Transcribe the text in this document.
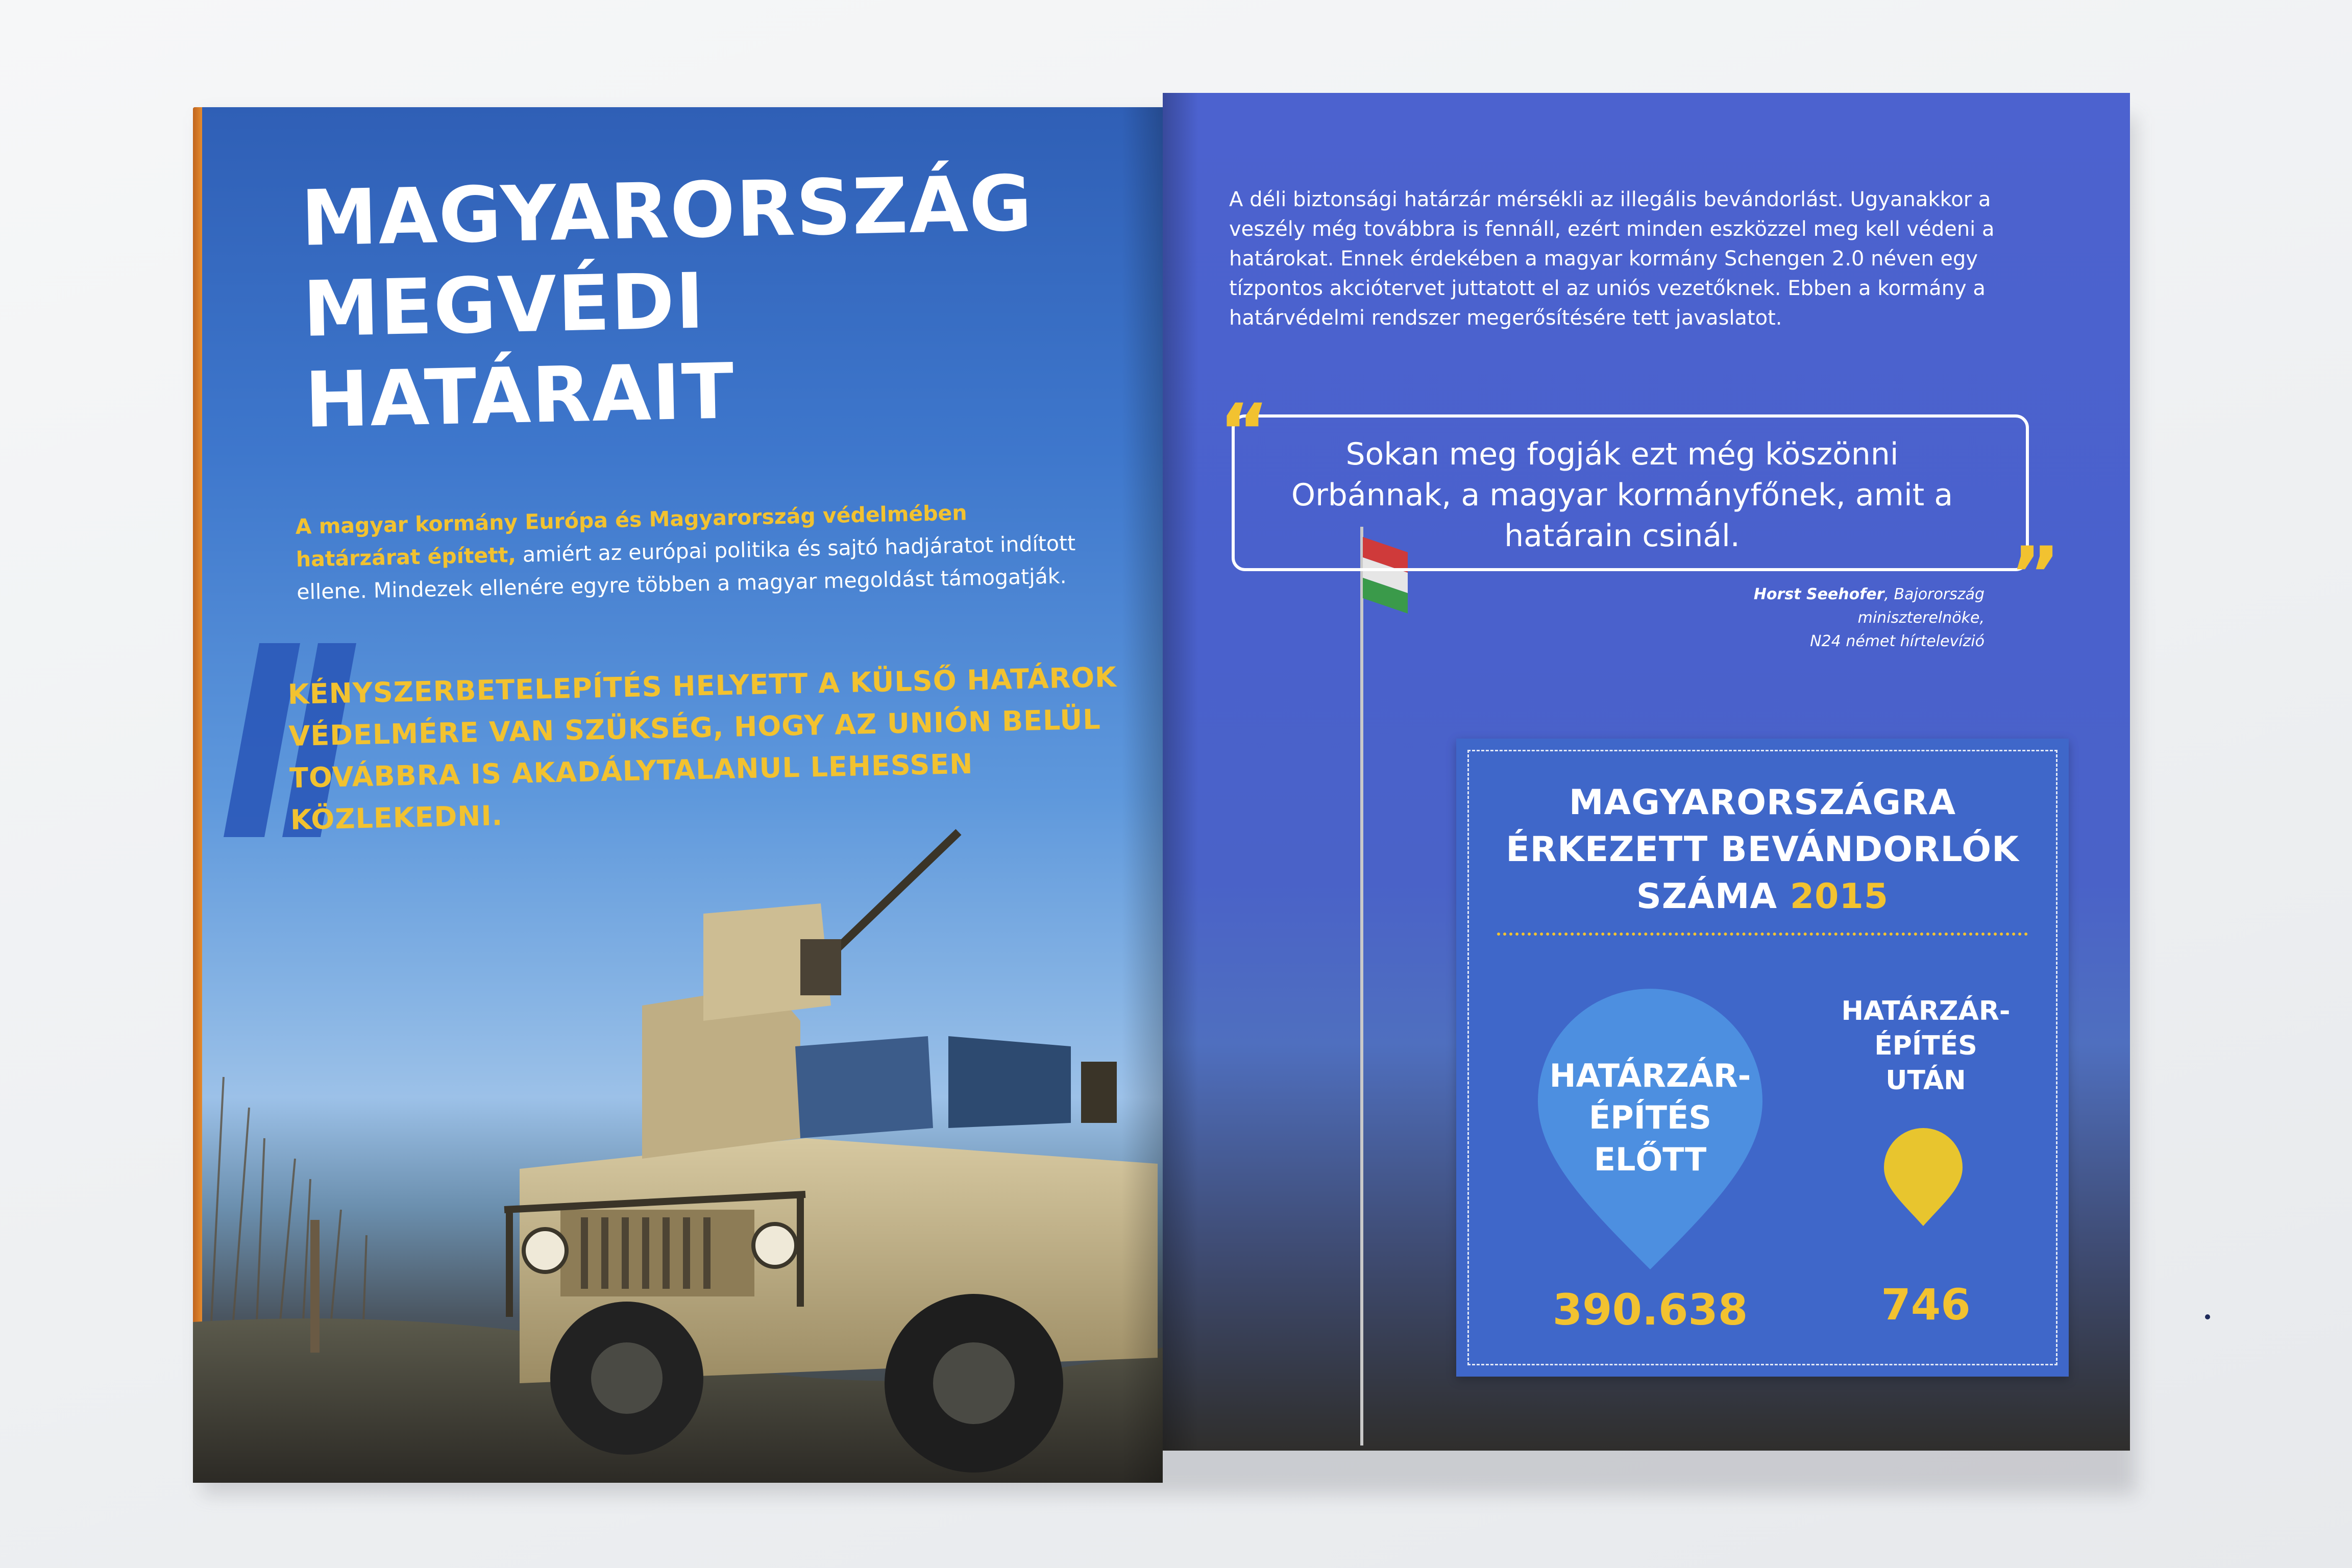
MAGYARORSZÁG
MEGVÉDI HATÁRAIT
A magyar kormány Európa és Magyarország védelmében határzárat épített, amiért az európai politika és sajtó hadjáratot indított ellene. Mindezek ellenére egyre többen a magyar megoldást támogatják.
KÉNYSZERBETELEPÍTÉS HELYETT A KÜLSŐ HATÁROK VÉDELMÉRE VAN SZÜKSÉG, HOGY AZ UNIÓN BELÜL TOVÁBBRA IS AKADÁLYTALANUL LEHESSEN KÖZLEKEDNI.
A déli biztonsági határzár mérsékli az illegális bevándorlást. Ugyanakkor a veszély még továbbra is fennáll, ezért minden eszközzel meg kell védeni a határokat. Ennek érdekében a magyar kormány Schengen 2.0 néven egy tízpontos akciótervet juttatott el az uniós vezetőknek. Ebben a kormány a határvédelmi rendszer megerősítésére tett javaslatot.
“
”
Sokan meg fogják ezt még köszönni Orbánnak, a magyar kormányfőnek, amit a határain csinál.
Horst Seehofer, Bajorország miniszterelnöke,
N24 német hírtelevízió
MAGYARORSZÁGRA
ÉRKEZETT BEVÁNDORLÓK
SZÁMA 2015
HATÁRZÁR-
ÉPÍTÉS
ELŐTT
390.638
HATÁRZÁR-
ÉPÍTÉS
UTÁN
746
